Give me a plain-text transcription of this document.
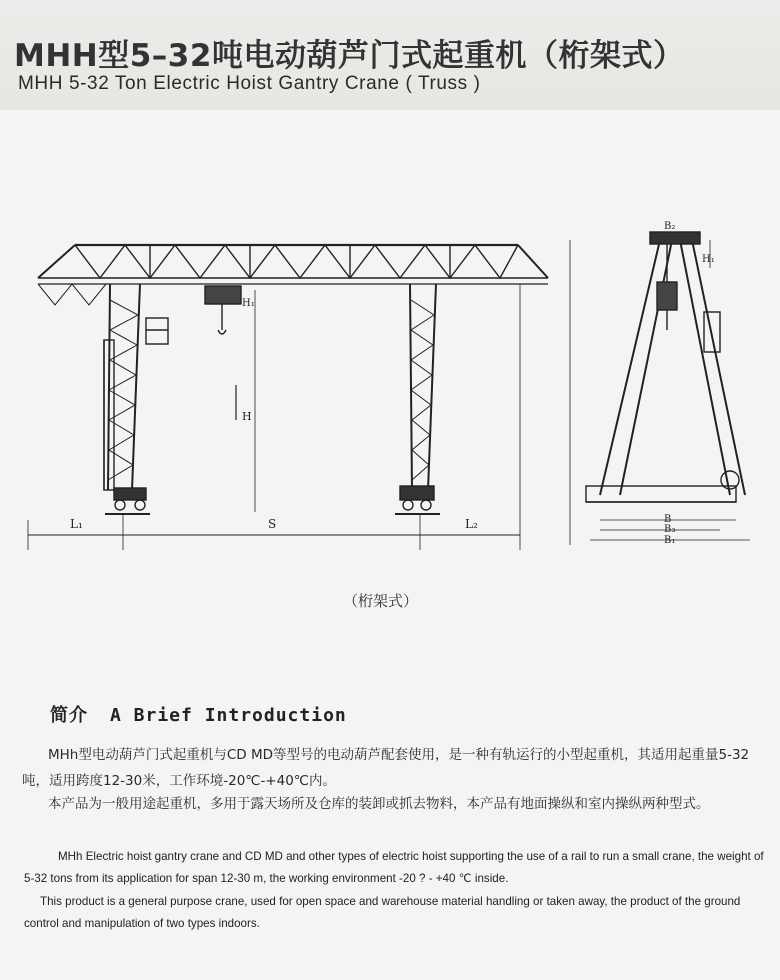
MHH型5–32吨电动葫芦门式起重机（桁架式）
MHH 5-32 Ton Electric Hoist Gantry Crane ( Truss )
L₁	S	L₂
H
H₁
B₂
H₁
B
B₃
B₁
（桁架式）
简介 A Brief Introduction
MHh型电动葫芦门式起重机与CD MD等型号的电动葫芦配套使用，是一种有轨运行的小型起重机，其适用起重量5-32吨，适用跨度12-30米，工作环境-20℃-+40℃内。
本产品为一般用途起重机，多用于露天场所及仓库的装卸或抓去物料，本产品有地面操纵和室内操纵两种型式。
MHh Electric hoist gantry crane and CD MD and other types of electric hoist supporting the use of a rail to run a small crane, the weight of 5-32 tons from its application for span 12-30 m, the working environment -20 ? - +40 ℃ inside.
This product is a general purpose crane, used for open space and warehouse material handling or taken away, the product of the ground control and manipulation of two types indoors.
